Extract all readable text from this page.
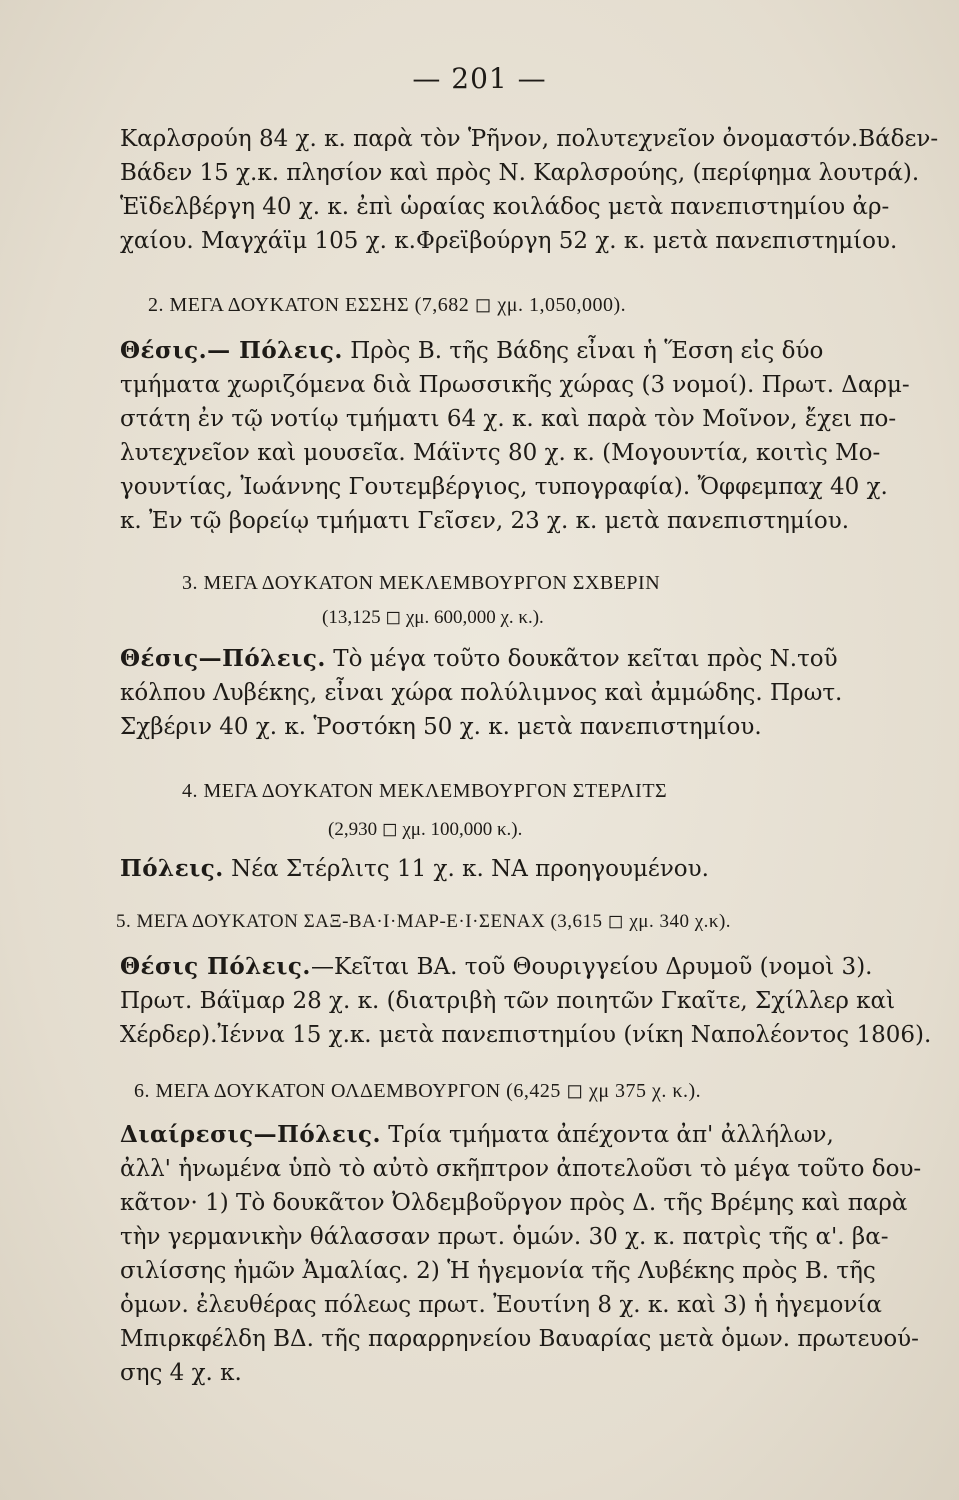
— 201 —
Καρλσρούη 84 χ. κ. παρὰ τὸν Ῥῆνον, πολυτεχνεῖον ὀνομαστόν.Βάδεν-
Βάδεν 15 χ.κ. πλησίον καὶ πρὸς Ν. Καρλσρούης, (περίφημα λουτρά).
Ἑϊδελβέργη 40 χ. κ. ἐπὶ ὡραίας κοιλάδος μετὰ πανεπιστημίου ἀρ-
χαίου. Μαγχάϊμ 105 χ. κ.Φρεϊβούργη 52 χ. κ. μετὰ πανεπιστημίου.
2. ΜΕΓΑ ΔΟΥΚΑΤΟΝ ΕΣΣΗΣ (7,682 ◻ χμ. 1,050,000).
Θέσις.— Πόλεις. Πρὸς Β. τῆς Βάδης εἶναι ἡ Ἕσση εἰς δύο
τμήματα χωριζόμενα διὰ Πρωσσικῆς χώρας (3 νομοί). Πρωτ. Δαρμ-
στάτη ἐν τῷ νοτίῳ τμήματι 64 χ. κ. καὶ παρὰ τὸν Μοῖνον, ἔχει πο-
λυτεχνεῖον καὶ μουσεῖα. Μάϊντς 80 χ. κ. (Μογουντία, κοιτὶς Μο-
γουντίας, Ἰωάννης Γουτεμβέργιος, τυπογραφία). Ὄφφεμπαχ 40 χ.
κ. Ἐν τῷ βορείῳ τμήματι Γεῖσεν, 23 χ. κ. μετὰ πανεπιστημίου.
3. ΜΕΓΑ ΔΟΥΚΑΤΟΝ ΜΕΚΛΕΜΒΟΥΡΓΟΝ ΣΧΒΕΡΙΝ
(13,125 ◻ χμ. 600,000 χ. κ.).
Θέσις—Πόλεις. Τὸ μέγα τοῦτο δουκᾶτον κεῖται πρὸς Ν.τοῦ
κόλπου Λυβέκης, εἶναι χώρα πολύλιμνος καὶ ἀμμώδης. Πρωτ.
Σχβέριν 40 χ. κ. Ῥοστόκη 50 χ. κ. μετὰ πανεπιστημίου.
4. ΜΕΓΑ ΔΟΥΚΑΤΟΝ ΜΕΚΛΕΜΒΟΥΡΓΟΝ ΣΤΕΡΛΙΤΣ
(2,930 ◻ χμ. 100,000 κ.).
Πόλεις. Νέα Στέρλιτς 11 χ. κ. ΝΑ προηγουμένου.
5. ΜΕΓΑ ΔΟΥΚΑΤΟΝ ΣΑΞ-ΒΑ·Ι·ΜΑΡ-Ε·Ι·ΣΕΝΑΧ (3,615 ◻ χμ. 340 χ.κ).
Θέσις Πόλεις.—Κεῖται ΒΑ. τοῦ Θουριγγείου Δρυμοῦ (νομοὶ 3).
Πρωτ. Βάϊμαρ 28 χ. κ. (διατριβὴ τῶν ποιητῶν Γκαῖτε, Σχίλλερ καὶ
Χέρδερ).Ἰέννα 15 χ.κ. μετὰ πανεπιστημίου (νίκη Ναπολέοντος 1806).
6. ΜΕΓΑ ΔΟΥΚΑΤΟΝ ΟΛΔΕΜΒΟΥΡΓΟΝ (6,425 ◻ χμ 375 χ. κ.).
Διαίρεσις—Πόλεις. Τρία τμήματα ἀπέχοντα ἀπ' ἀλλήλων,
ἀλλ' ἡνωμένα ὑπὸ τὸ αὐτὸ σκῆπτρον ἀποτελοῦσι τὸ μέγα τοῦτο δου-
κᾶτον· 1) Τὸ δουκᾶτον Ὀλδεμβοῦργον πρὸς Δ. τῆς Βρέμης καὶ παρὰ
τὴν γερμανικὴν θάλασσαν πρωτ. ὁμών. 30 χ. κ. πατρὶς τῆς α'. βα-
σιλίσσης ἡμῶν Ἀμαλίας. 2) Ἡ ἡγεμονία τῆς Λυβέκης πρὸς Β. τῆς
ὁμων. ἐλευθέρας πόλεως πρωτ. Ἐουτίνη 8 χ. κ. καὶ 3) ἡ ἡγεμονία
Μπιρκφέλδη ΒΔ. τῆς παραρρηνείου Βαυαρίας μετὰ ὁμων. πρωτευού-
σης 4 χ. κ.
